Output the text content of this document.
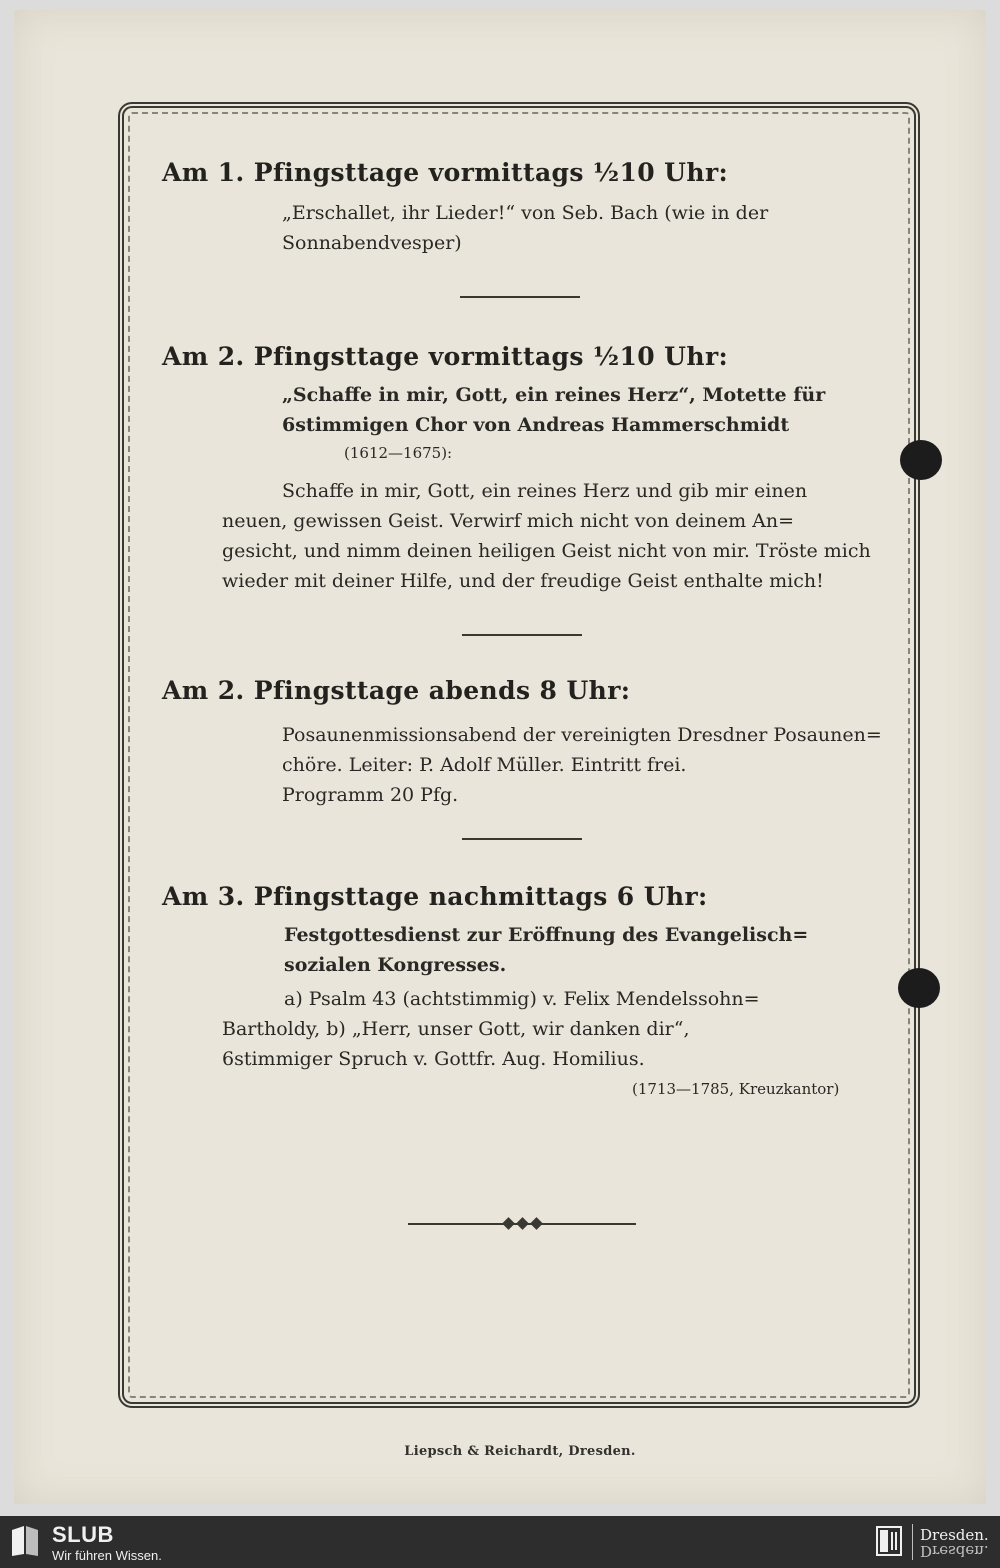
Am 1. Pfingsttage vormittags ½10 Uhr:
„Erschallet, ihr Lieder!“ von Seb. Bach (wie in der
Sonnabendvesper)
Am 2. Pfingsttage vormittags ½10 Uhr:
„Schaffe in mir, Gott, ein reines Herz“, Motette für
6stimmigen Chor von Andreas Hammerschmidt
(1612—1675):
Schaffe in mir, Gott, ein reines Herz und gib mir einen
neuen, gewissen Geist. Verwirf mich nicht von deinem An=
gesicht, und nimm deinen heiligen Geist nicht von mir. Tröste mich
wieder mit deiner Hilfe, und der freudige Geist enthalte mich!
Am 2. Pfingsttage abends 8 Uhr:
Posaunenmissionsabend der vereinigten Dresdner Posaunen=
chöre. Leiter: P. Adolf Müller. Eintritt frei.
Programm 20 Pfg.
Am 3. Pfingsttage nachmittags 6 Uhr:
Festgottesdienst zur Eröffnung des Evangelisch=
sozialen Kongresses.
a) Psalm 43 (achtstimmig) v. Felix Mendelssohn=
Bartholdy, b) „Herr, unser Gott, wir danken dir“,
6stimmiger Spruch v. Gottfr. Aug. Homilius.
(1713—1785, Kreuzkantor)
Liepsch & Reichardt, Dresden.
SLUB
Wir führen Wissen.
Dresden.
Dresden.
